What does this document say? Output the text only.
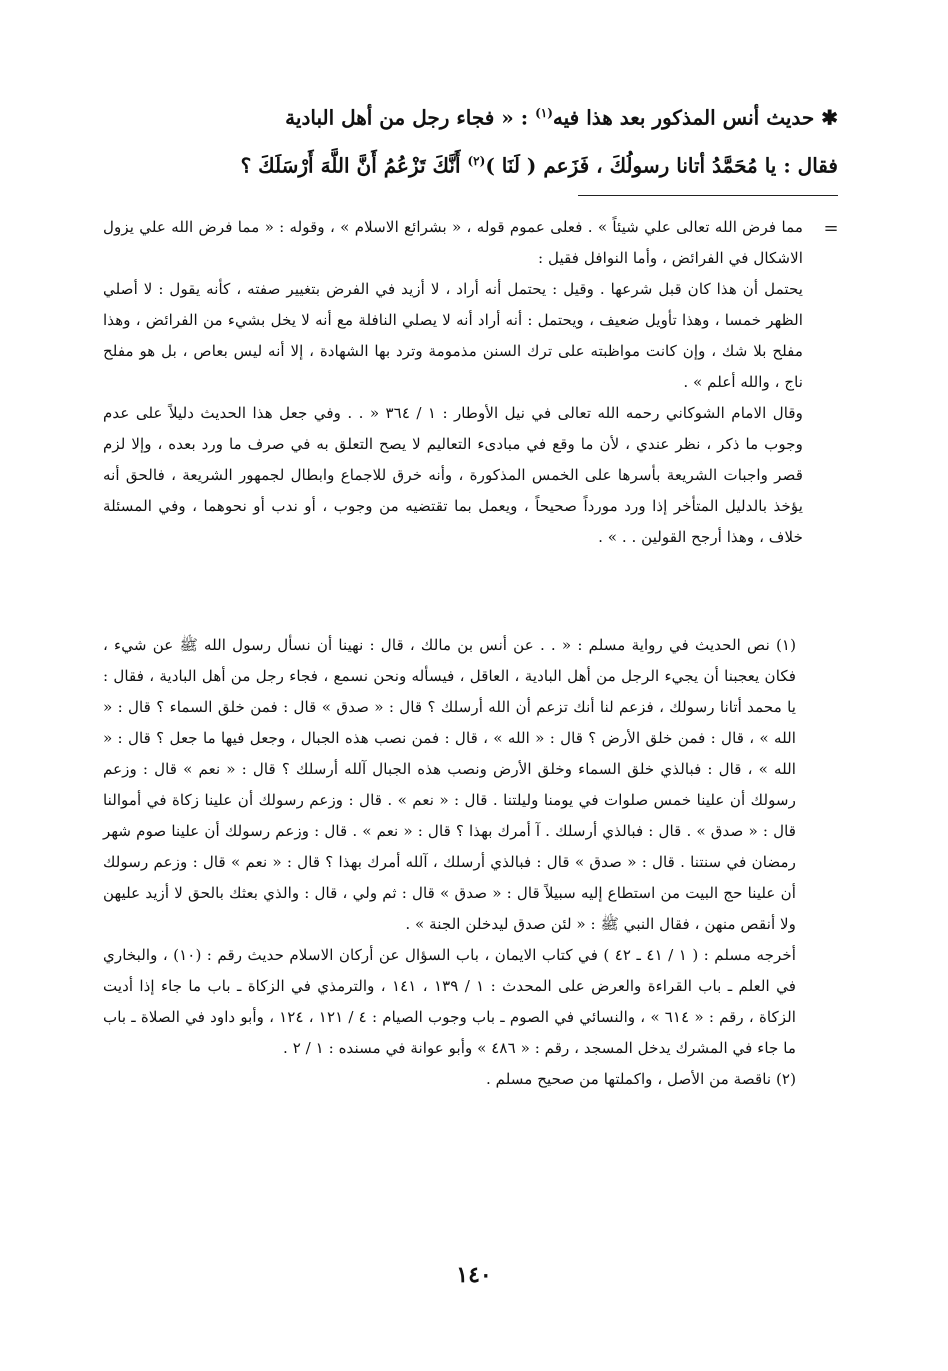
✱ حديث أنس المذكور بعد هذا فيه$^{(١)}$ : « فجاء رجل من أهل البادية

فقال : يا مُحَمَّدُ أتانا رسولُكَ ، فَزَعم ( لَنَا )$^{(٢)}$ أَنَّكَ تَزْعُمُ أَنَّ اللَّهَ أَرْسَلَكَ ؟

=

مما فرض الله تعالى علي شيئاً » . فعلى عموم قوله ، « بشرائع الاسلام » ، وقوله : « مما فرض الله علي يزول الاشكال في الفرائض ، وأما النوافل فقيل :

يحتمل أن هذا كان قبل شرعها . وقيل : يحتمل أنه أراد ، لا أزيد في الفرض بتغيير صفته ، كأنه يقول : لا أصلي الظهر خمسا ، وهذا تأويل ضعيف ، ويحتمل : أنه أراد أنه لا يصلي النافلة مع أنه لا يخل بشيء من الفرائض ، وهذا مفلح بلا شك ، وإن كانت مواظبته على ترك السنن مذمومة وترد بها الشهادة ، إلا أنه ليس بعاص ، بل هو مفلح ناج ، والله أعلم » .

وقال الامام الشوكاني رحمه الله تعالى في نيل الأوطار : ١ / ٣٦٤ « . . وفي جعل هذا الحديث دليلاً على عدم وجوب ما ذكر ، نظر عندي ، لأن ما وقع في مبادىء التعاليم لا يصح التعلق به في صرف ما ورد بعده ، وإلا لزم قصر واجبات الشريعة بأسرها على الخمس المذكورة ، وأنه خرق للاجماع وابطال لجمهور الشريعة ، فالحق أنه يؤخذ بالدليل المتأخر إذا ورد مورداً صحيحاً ، ويعمل بما تقتضيه من وجوب ، أو ندب أو نحوهما ، وفي المسئلة خلاف ، وهذا أرجح القولين . . » .

(١) نص الحديث في رواية مسلم : « . . عن أنس بن مالك ، قال : نهينا أن نسأل رسول الله ﷺ عن شيء ، فكان يعجبنا أن يجيء الرجل من أهل البادية ، العاقل ، فيسأله ونحن نسمع ، فجاء رجل من أهل البادية ، فقال : يا محمد أتانا رسولك ، فزعم لنا أنك تزعم أن الله أرسلك ؟ قال : « صدق » قال : فمن خلق السماء ؟ قال : « الله » ، قال : فمن خلق الأرض ؟ قال : « الله » ، قال : فمن نصب هذه الجبال ، وجعل فيها ما جعل ؟ قال : « الله » ، قال : فبالذي خلق السماء وخلق الأرض ونصب هذه الجبال آلله أرسلك ؟ قال : « نعم » قال : وزعم رسولك أن علينا خمس صلوات في يومنا وليلتنا . قال : « نعم » . قال : وزعم رسولك أن علينا زكاة في أموالنا قال : « صدق » . قال : فبالذي أرسلك . آ أمرك بهذا ؟ قال : « نعم » . قال : وزعم رسولك أن علينا صوم شهر رمضان في سنتنا . قال : « صدق » قال : فبالذي أرسلك ، آلله أمرك بهذا ؟ قال : « نعم » قال : وزعم رسولك أن علينا حج البيت من استطاع إليه سبيلاً قال : « صدق » قال : ثم ولي ، قال : والذي بعثك بالحق لا أزيد عليهن ولا أنقص منهن ، فقال النبي ﷺ : « لئن صدق ليدخلن الجنة » .

أخرجه مسلم : ( ١ / ٤١ ـ ٤٢ ) في كتاب الايمان ، باب السؤال عن أركان الاسلام حديث رقم : (١٠) ، والبخاري في العلم ـ باب القراءة والعرض على المحدث : ١ / ١٣٩ ، ١٤١ ، والترمذي في الزكاة ـ باب ما جاء إذا أديت الزكاة ، رقم : « ٦١٤ » ، والنسائي في الصوم ـ باب وجوب الصيام : ٤ / ١٢١ ، ١٢٤ ، وأبو داود في الصلاة ـ باب ما جاء في المشرك يدخل المسجد ، رقم : « ٤٨٦ » وأبو عوانة في مسنده : ١ / ٢ .

(٢) ناقصة من الأصل ، واكملتها من صحيح مسلم .

١٤٠
